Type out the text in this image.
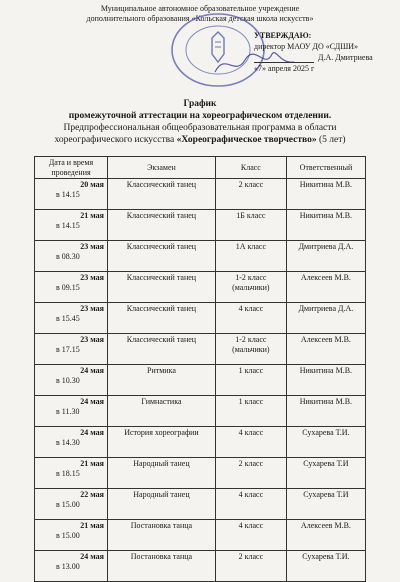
Муниципальное автономное образовательное учреждение
дополнительного образования «Кольская детская школа искусств»
УТВЕРЖДАЮ:
директор МАОУ ДО «СДШИ»
Д.А. Дмитриева
«7» апреля 2025 г
График
промежуточной аттестации на хореографическом отделении.
Предпрофессиональная общеобразовательная программа в области
хореографического искусства «Хореографическое творчество» (5 лет)
Дата и время проведения	Экзамен	Класс	Ответственный

20 мая
в 14.15	Классический танец	2 класс	Никитина М.В.

21 мая
в 14.15	Классический танец	1Б класс	Никитина М.В.

23 мая
в 08.30	Классический танец	1А класс	Дмитриева Д.А.

23 мая
в 09.15	Классический танец	1-2 класс (мальчики)	Алексеев М.В.

23 мая
в 15.45	Классический танец	4 класс	Дмитриева Д.А.

23 мая
в 17.15	Классический танец	1-2 класс (мальчики)	Алексеев М.В.

24 мая
в 10.30	Ритмика	1 класс	Никитина М.В.

24 мая
в 11.30	Гимнастика	1 класс	Никитина М.В.

24 мая
в 14.30	История хореографии	4 класс	Сухарева Т.И.

21 мая
в 18.15	Народный танец	2 класс	Сухарева Т.И

22 мая
в 15.00	Народный танец	4 класс	Сухарева Т.И

21 мая
в 15.00	Постановка танца	4 класс	Алексеев М.В.

24 мая
в 13.00	Постановка танца	2 класс	Сухарева Т.И.
